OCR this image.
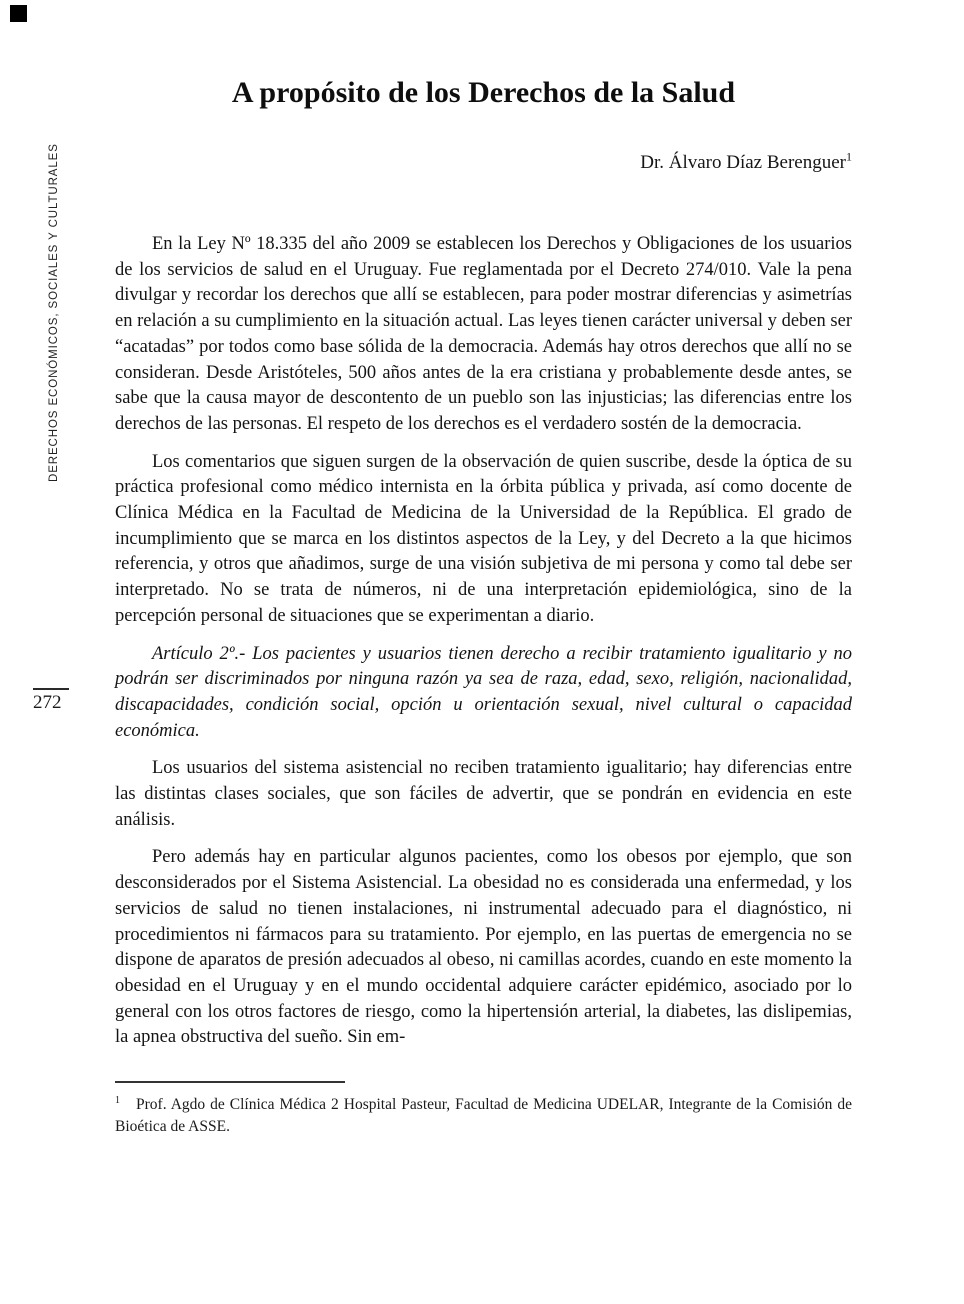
DERECHOS ECONÓMICOS, SOCIALES Y CULTURALES
272
A propósito de los Derechos de la Salud
Dr. Álvaro Díaz Berenguer$^1$

En la Ley Nº 18.335 del año 2009 se establecen los Derechos y Obligaciones de los usuarios de los servicios de salud en el Uruguay. Fue reglamentada por el Decreto 274/010. Vale la pena divulgar y recordar los derechos que allí se establecen, para poder mostrar diferencias y asimetrías en relación a su cumplimiento en la situación actual. Las leyes tienen carácter universal y deben ser “acatadas” por todos como base sólida de la democracia. Además hay otros derechos que allí no se consideran. Desde Aristóteles, 500 años antes de la era cristiana y probablemente desde antes, se sabe que la causa mayor de descontento de un pueblo son las injusticias; las diferencias entre los derechos de las personas. El respeto de los derechos es el verdadero sostén de la democracia.

Los comentarios que siguen surgen de la observación de quien suscribe, desde la óptica de su práctica profesional como médico internista en la órbita pública y privada, así como docente de Clínica Médica en la Facultad de Medicina de la Universidad de la República. El grado de incumplimiento que se marca en los distintos aspectos de la Ley, y del Decreto a la que hicimos referencia, y otros que añadimos, surge de una visión subjetiva de mi persona y como tal debe ser interpretado. No se trata de números, ni de una interpretación epidemiológica, sino de la percepción personal de situaciones que se experimentan a diario.

Artículo 2º.- Los pacientes y usuarios tienen derecho a recibir tratamiento igualitario y no podrán ser discriminados por ninguna razón ya sea de raza, edad, sexo, religión, nacionalidad, discapacidades, condición social, opción u orientación sexual, nivel cultural o capacidad económica.

Los usuarios del sistema asistencial no reciben tratamiento igualitario; hay diferencias entre las distintas clases sociales, que son fáciles de advertir, que se pondrán en evidencia en este análisis.

Pero además hay en particular algunos pacientes, como los obesos por ejemplo, que son desconsiderados por el Sistema Asistencial. La obesidad no es considerada una enfermedad, y los servicios de salud no tienen instalaciones, ni instrumental adecuado para el diagnóstico, ni procedimientos ni fármacos para su tratamiento. Por ejemplo, en las puertas de emergencia no se dispone de aparatos de presión adecuados al obeso, ni camillas acordes, cuando en este momento la obesidad en el Uruguay y en el mundo occidental adquiere carácter epidémico, asociado por lo general con los otros factores de riesgo, como la hipertensión arterial, la diabetes, las dislipemias, la apnea obstructiva del sueño. Sin em-

$^1$ Prof. Agdo de Clínica Médica 2 Hospital Pasteur, Facultad de Medicina UDELAR, Integrante de la Comisión de Bioética de ASSE.
